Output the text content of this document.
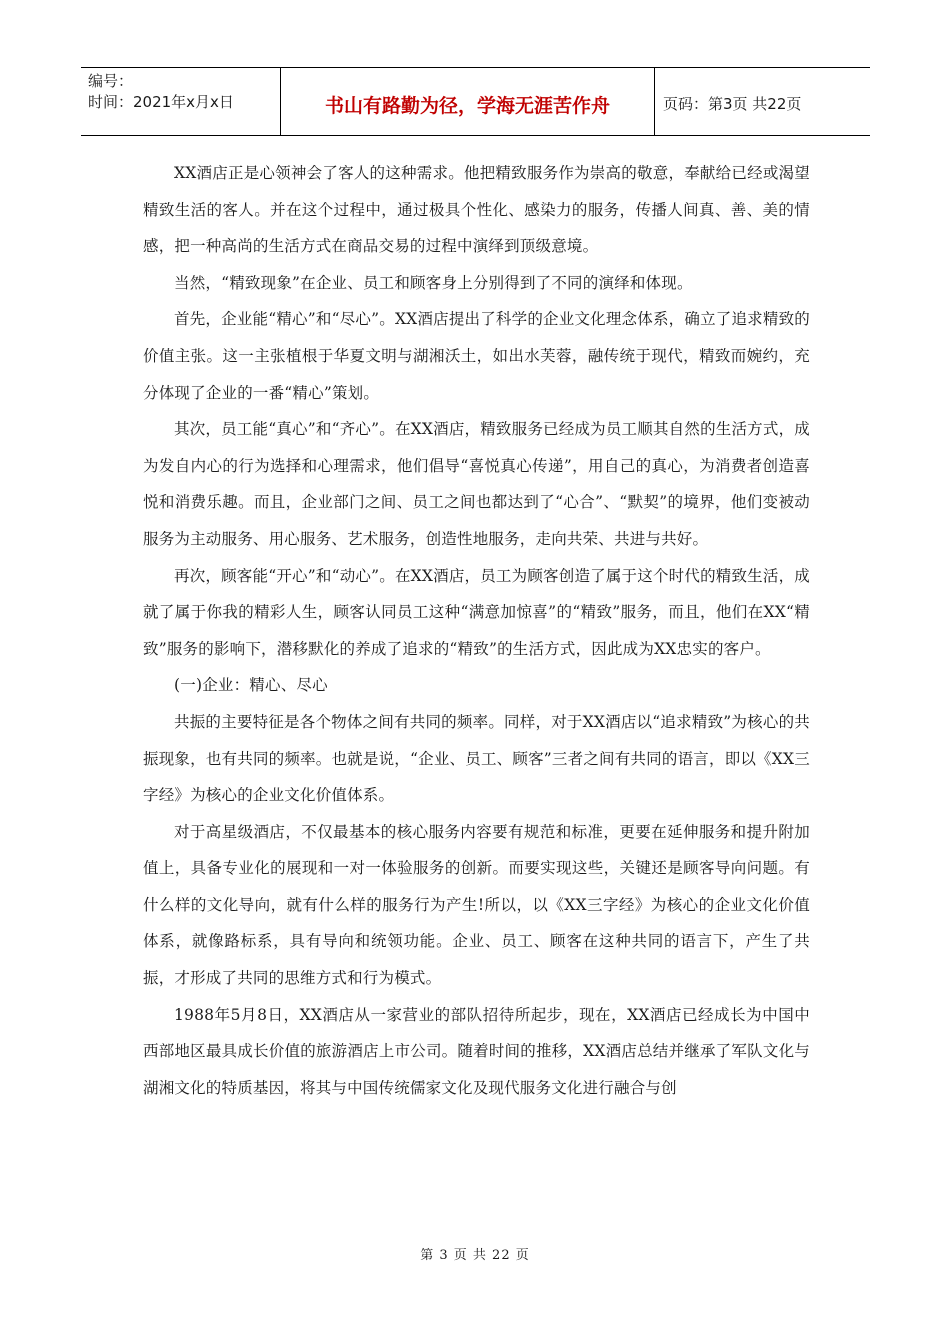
编号：
时间：2021年x月x日	书山有路勤为径，学海无涯苦作舟	页码：第3页 共22页

XX酒店正是心领神会了客人的这种需求。他把精致服务作为崇高的敬意，奉献给已经或渴望精致生活的客人。并在这个过程中，通过极具个性化、感染力的服务，传播人间真、善、美的情感，把一种高尚的生活方式在商品交易的过程中演绎到顶级意境。

当然，“精致现象”在企业、员工和顾客身上分别得到了不同的演绎和体现。

首先，企业能“精心”和“尽心”。XX酒店提出了科学的企业文化理念体系，确立了追求精致的价值主张。这一主张植根于华夏文明与湖湘沃土，如出水芙蓉，融传统于现代，精致而婉约，充分体现了企业的一番“精心”策划。

其次，员工能“真心”和“齐心”。在XX酒店，精致服务已经成为员工顺其自然的生活方式，成为发自内心的行为选择和心理需求，他们倡导“喜悦真心传递”，用自己的真心，为消费者创造喜悦和消费乐趣。而且，企业部门之间、员工之间也都达到了“心合”、“默契”的境界，他们变被动服务为主动服务、用心服务、艺术服务，创造性地服务，走向共荣、共进与共好。

再次，顾客能“开心”和“动心”。在XX酒店，员工为顾客创造了属于这个时代的精致生活，成就了属于你我的精彩人生，顾客认同员工这种“满意加惊喜”的“精致”服务，而且，他们在XX“精致”服务的影响下，潜移默化的养成了追求的“精致”的生活方式，因此成为XX忠实的客户。

(一)企业：精心、尽心

共振的主要特征是各个物体之间有共同的频率。同样，对于XX酒店以“追求精致”为核心的共振现象，也有共同的频率。也就是说，“企业、员工、顾客”三者之间有共同的语言，即以《XX三字经》为核心的企业文化价值体系。

对于高星级酒店，不仅最基本的核心服务内容要有规范和标准，更要在延伸服务和提升附加值上，具备专业化的展现和一对一体验服务的创新。而要实现这些，关键还是顾客导向问题。有什么样的文化导向，就有什么样的服务行为产生!所以，以《XX三字经》为核心的企业文化价值体系，就像路标系，具有导向和统领功能。企业、员工、顾客在这种共同的语言下，产生了共振，才形成了共同的思维方式和行为模式。

1988年5月8日，XX酒店从一家营业的部队招待所起步，现在，XX酒店已经成长为中国中西部地区最具成长价值的旅游酒店上市公司。随着时间的推移，XX酒店总结并继承了军队文化与湖湘文化的特质基因，将其与中国传统儒家文化及现代服务文化进行融合与创

第 3 页 共 22 页
